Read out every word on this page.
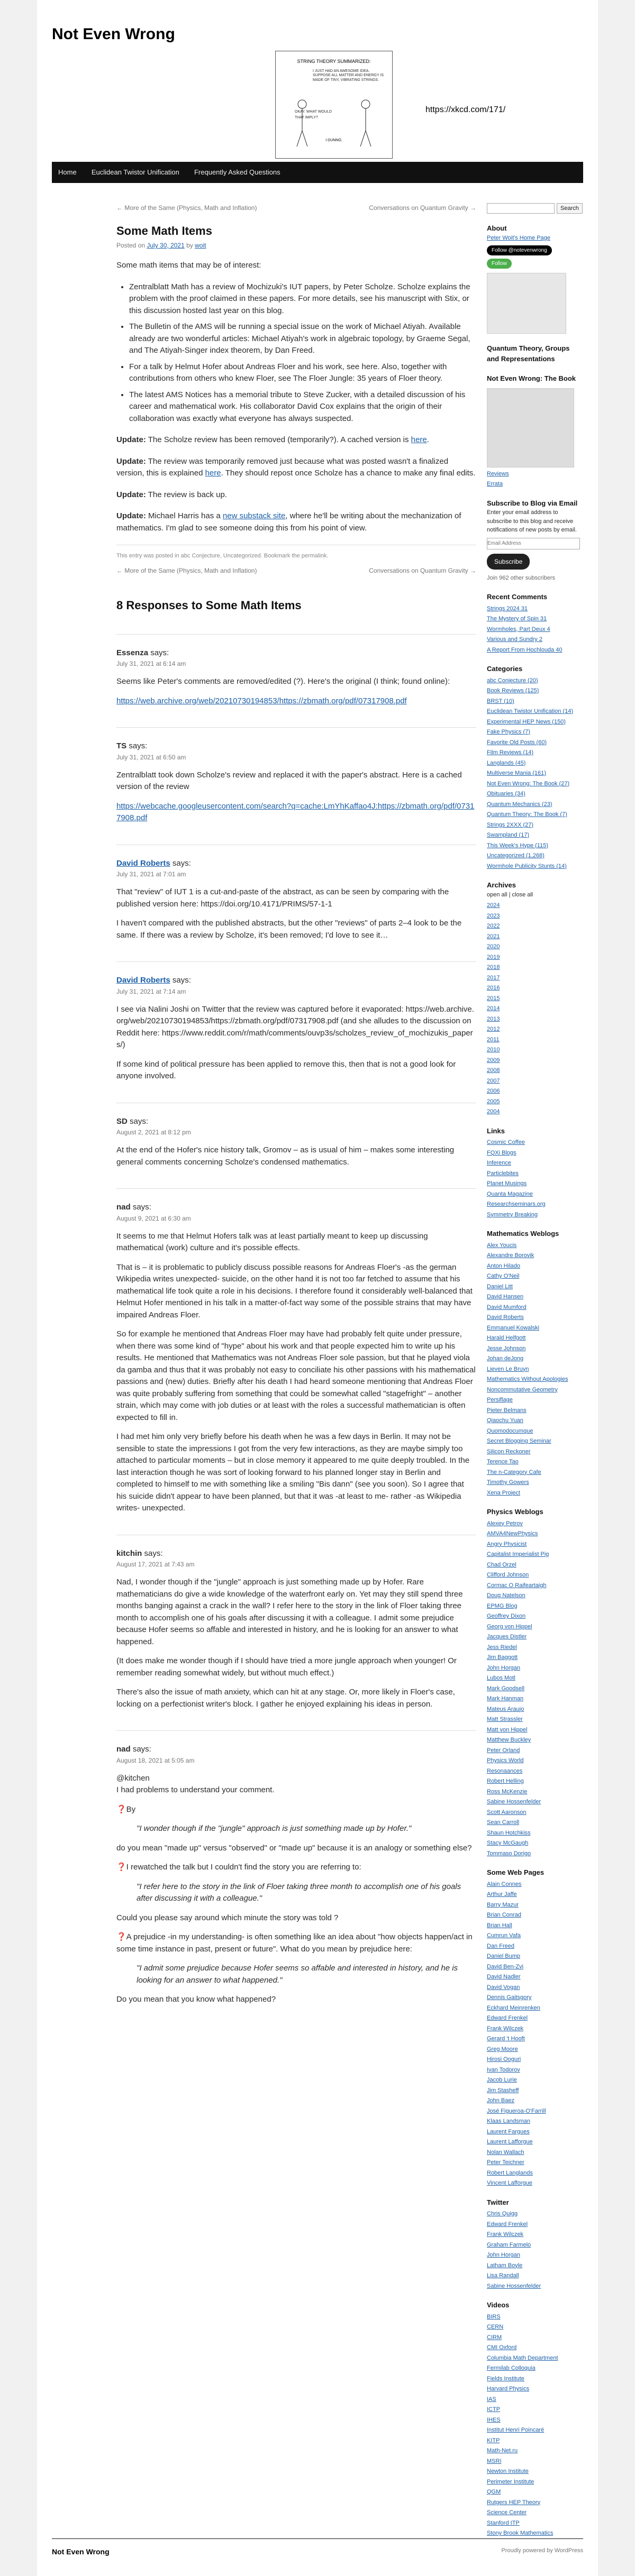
Not Even Wrong
STRING THEORY SUMMARIZED:
I JUST HAD AN AWESOME IDEA. SUPPOSE ALL MATTER AND ENERGY IS MADE OF TINY, VIBRATING STRINGS.
OKAY. WHAT WOULD THAT IMPLY?
I DUNNO.
https://xkcd.com/171/
Home Euclidean Twistor Unification Frequently Asked Questions
← More of the Same (Physics, Math and Inflation)	Conversations on Quantum Gravity →
Some Math Items
Posted on July 30, 2021 by woit

Some math items that may be of interest:

• Zentralblatt Math has a review of Mochizuki's IUT papers, by Peter Scholze. Scholze explains the problem with the proof claimed in these papers. For more details, see his manuscript with Stix, or this discussion hosted last year on this blog.
• The Bulletin of the AMS will be running a special issue on the work of Michael Atiyah. Available already are two wonderful articles: Michael Atiyah's work in algebraic topology, by Graeme Segal, and The Atiyah-Singer index theorem, by Dan Freed.
• For a talk by Helmut Hofer about Andreas Floer and his work, see here. Also, together with contributions from others who knew Floer, see The Floer Jungle: 35 years of Floer theory.
• The latest AMS Notices has a memorial tribute to Steve Zucker, with a detailed discussion of his career and mathematical work. His collaborator David Cox explains that the origin of their collaboration was exactly what everyone has always suspected.

Update: The Scholze review has been removed (temporarily?). A cached version is here.

Update: The review was temporarily removed just because what was posted wasn't a finalized version, this is explained here. They should repost once Scholze has a chance to make any final edits.

Update: The review is back up.

Update: Michael Harris has a new substack site, where he'll be writing about the mechanization of mathematics. I'm glad to see someone doing this from his point of view.

This entry was posted in abc Conjecture, Uncategorized. Bookmark the permalink.
← More of the Same (Physics, Math and Inflation)	Conversations on Quantum Gravity →
8 Responses to Some Math Items
Essenza says:
July 31, 2021 at 6:14 am

Seems like Peter's comments are removed/edited (?). Here's the original (I think; found online):

https://web.archive.org/web/20210730194853/https://zbmath.org/pdf/07317908.pdf

TS says:
July 31, 2021 at 6:50 am

Zentralblatt took down Scholze's review and replaced it with the paper's abstract. Here is a cached version of the review

https://webcache.googleusercontent.com/search?q=cache:LmYhKaffao4J:https://zbmath.org/pdf/07317908.pdf

David Roberts says:
July 31, 2021 at 7:01 am

That "review" of IUT 1 is a cut-and-paste of the abstract, as can be seen by comparing with the published version here: https://doi.org/10.4171/PRIMS/57-1-1

I haven't compared with the published abstracts, but the other "reviews" of parts 2–4 look to be the same. If there was a review by Scholze, it's been removed; I'd love to see it…

David Roberts says:
July 31, 2021 at 7:14 am

I see via Nalini Joshi on Twitter that the review was captured before it evaporated: https://web.archive.org/web/20210730194853/https://zbmath.org/pdf/07317908.pdf (and she alludes to the discussion on Reddit here: https://www.reddit.com/r/math/comments/ouvp3s/scholzes_review_of_mochizukis_papers/)

If some kind of political pressure has been applied to remove this, then that is not a good look for anyone involved.

SD says:
August 2, 2021 at 8:12 pm

At the end of the Hofer's nice history talk, Gromov – as is usual of him – makes some interesting general comments concerning Scholze's condensed mathematics.

nad says:
August 9, 2021 at 6:30 am

It seems to me that Helmut Hofers talk was at least partially meant to keep up discussing mathematical (work) culture and it's possible effects.

That is – it is problematic to publicly discuss possible reasons for Andreas Floer's -as the german Wikipedia writes unexpected- suicide, on the other hand it is not too far fetched to assume that his mathematical life took quite a role in his decisions. I therefore found it considerably well-balanced that Helmut Hofer mentioned in his talk in a matter-of-fact way some of the possible strains that may have impaired Andreas Floer.

So for example he mentioned that Andreas Floer may have had probably felt quite under pressure, when there was some kind of "hype" about his work and that people expected him to write up his results. He mentioned that Mathematics was not Andreas Floer sole passion, but that he played viola da gamba and thus that it was probably not easy to conciliate his other passions with his mathematical passions and (new) duties. Briefly after his death I had heard someone mentioning that Andreas Floer was quite probably suffering from something that could be somewhat called "stagefright" – another strain, which may come with job duties or at least with the roles a successful mathematician is often expected to fill in.

I had met him only very briefly before his death when he was a few days in Berlin. It may not be sensible to state the impressions I got from the very few interactions, as they are maybe simply too attached to particular moments – but in close memory it appeared to me quite deeply troubled. In the last interaction though he was sort of looking forward to his planned longer stay in Berlin and completed to himself to me with something like a smiling "Bis dann" (see you soon). So I agree that his suicide didn't appear to have been planned, but that it was -at least to me- rather -as Wikipedia writes- unexpected.

kitchin says:
August 17, 2021 at 7:43 am

Nad, I wonder though if the "jungle" approach is just something made up by Hofer. Rare mathematicians do give a wide knowledge of the waterfront early on. Yet may they still spend three months banging against a crack in the wall? I refer here to the story in the link of Floer taking three month to accomplish one of his goals after discussing it with a colleague. I admit some prejudice because Hofer seems so affable and interested in history, and he is looking for an answer to what happened.

(It does make me wonder though if I should have tried a more jungle approach when younger! Or remember reading somewhat widely, but without much effect.)

There's also the issue of math anxiety, which can hit at any stage. Or, more likely in Floer's case, locking on a perfectionist writer's block. I gather he enjoyed explaining his ideas in person.

nad says:
August 18, 2021 at 5:05 am

@kitchen

I had problems to understand your comment.

❓By

"I wonder though if the "jungle" approach is just something made up by Hofer."

do you mean "made up" versus "observed" or "made up" because it is an analogy or something else?

❓I rewatched the talk but I couldn't find the story you are referring to:

"I refer here to the story in the link of Floer taking three month to accomplish one of his goals after discussing it with a colleague."

Could you please say around which minute the story was told ?

❓A prejudice -in my understanding- is often something like an idea about "how objects happen/act in some time instance in past, present or future". What do you mean by prejudice here:

"I admit some prejudice because Hofer seems so affable and interested in history, and he is looking for an answer to what happened."

Do you mean that you know what happened?

Search
About
Peter Woit's Home Page
Follow @notevenwrong
Follow
Quantum Theory, Groups and Representations
Not Even Wrong: The Book
Reviews
Errata
Subscribe to Blog via Email
Enter your email address to subscribe to this blog and receive notifications of new posts by email.
Email Address
Subscribe
Join 962 other subscribers
Recent Comments
Strings 2024 31
The Mystery of Spin 31
Wormholes, Part Deux 4
Various and Sundry 2
A Report From Hochlouda 40
Categories
abc Conjecture (20)
Book Reviews (125)
BRST (10)
Euclidean Twistor Unification (14)
Experimental HEP News (150)
Fake Physics (7)
Favorite Old Posts (60)
Film Reviews (14)
Langlands (45)
Multiverse Mania (161)
Not Even Wrong: The Book (27)
Obituaries (34)
Quantum Mechanics (23)
Quantum Theory: The Book (7)
Strings 2XXX (27)
Swampland (17)
This Week's Hype (115)
Uncategorized (1,268)
Wormhole Publicity Stunts (14)
Archives
open all | close all
2024
2023
2022
2021
2020
2019
2018
2017
2016
2015
2014
2013
2012
2011
2010
2009
2008
2007
2006
2005
2004
Links
Cosmic Coffee
FQXi Blogs
Inference
Particlebites
Planet Musings
Quanta Magazine
Researchseminars.org
Symmetry Breaking
Mathematics Weblogs
Alex Youcis
Alexandre Borovik
Anton Hilado
Cathy O'Neil
Daniel Litt
David Hansen
David Mumford
David Roberts
Emmanuel Kowalski
Harald Helfgott
Jesse Johnson
Johan deJong
Lieven Le Bruyn
Mathematics Without Apologies
Noncommutative Geometry
Persiflage
Pieter Belmans
Qiaochu Yuan
Quomodocumque
Secret Blogging Seminar
Silicon Reckoner
Terence Tao
The n-Category Cafe
Timothy Gowers
Xena Project
Physics Weblogs
Alexey Petrov
AMVA4NewPhysics
Angry Physicist
Capitalist Imperialist Pig
Chad Orzel
Clifford Johnson
Cormac O Raifeartaigh
Doug Natelson
EPMG Blog
Geoffrey Dixon
Georg von Hippel
Jacques Distler
Jess Riedel
Jim Baggott
John Horgan
Lubos Motl
Mark Goodsell
Mark Hanman
Mateus Araujo
Matt Strassler
Matt von Hippel
Matthew Buckley
Peter Orland
Physics World
Resonaances
Robert Helling
Ross McKenzie
Sabine Hossenfelder
Scott Aaronson
Sean Carroll
Shaun Hotchkiss
Stacy McGaugh
Tommaso Dorigo
Some Web Pages
Alain Connes
Arthur Jaffe
Barry Mazur
Brian Conrad
Brian Hall
Cumrun Vafa
Dan Freed
Daniel Bump
David Ben-Zvi
David Nadler
David Vogan
Dennis Gaitsgory
Eckhard Meinrenken
Edward Frenkel
Frank Wilczek
Gerard 't Hooft
Greg Moore
Hirosi Ooguri
Ivan Todorov
Jacob Lurie
Jim Stasheff
John Baez
José Figueroa-O'Farrill
Klaas Landsman
Laurent Fargues
Laurent Lafforgue
Nolan Wallach
Peter Teichner
Robert Langlands
Vincent Lafforgue
Twitter
Chris Quigg
Edward Frenkel
Frank Wilczek
Graham Farmelo
John Horgan
Latham Boyle
Lisa Randall
Sabine Hossenfelder
Videos
BIRS
CERN
CIRM
CMI Oxford
Columbia Math Department
Fermilab Colloquia
Fields Institute
Harvard Physics
IAS
ICTP
IHES
Institut Henri Poincaré
KITP
Math-Net.ru
MSRI
Newton Institute
Perimeter Institute
QGM
Rutgers HEP Theory
Science Center
Stanford ITP
Stony Brook Mathematics
Not Even Wrong	Proudly powered by WordPress
